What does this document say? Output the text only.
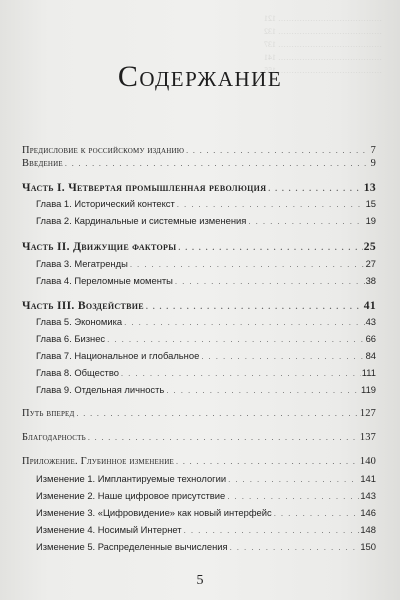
………………………………… 121
………………………………… 132
………………………………… 137
………………………………… 141
………………………………… 155
Содержание
Предисловие к российскому изданию . . .	7
Введение . . .	9
Часть I. Четвертая промышленная революция . . .	13
Глава 1. Исторический контекст . . .	15
Глава 2. Кардинальные и системные изменения . . .	19
Часть II. Движущие факторы . . .	25
Глава 3. Мегатренды . . .	27
Глава 4. Переломные моменты . . .	38
Часть III. Воздействие . . .	41
Глава 5. Экономика . . .	43
Глава 6. Бизнес . . .	66
Глава 7. Национальное и глобальное . . .	84
Глава 8. Общество . . .	111
Глава 9. Отдельная личность . . .	119
Путь вперед . . .	127
Благодарность . . .	137
Приложение. Глубинное изменение . . .	140
Изменение 1. Имплантируемые технологии . . .	141
Изменение 2. Наше цифровое присутствие . . .	143
Изменение 3. «Цифровидение» как новый интерфейс . . .	146
Изменение 4. Носимый Интернет . . .	148
Изменение 5. Распределенные вычисления . . .	150
5
